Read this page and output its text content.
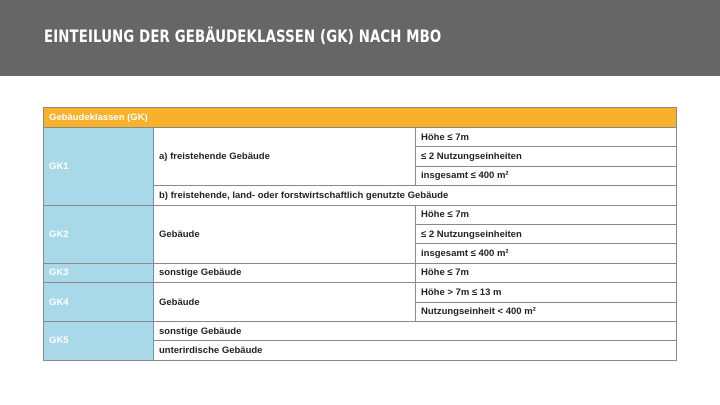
EINTEILUNG DER GEBÄUDEKLASSEN (GK) NACH MBO
Gebäudeklassen (GK)		
GK1	a) freistehende Gebäude	Höhe ≤ 7m
		≤ 2 Nutzungseinheiten
		insgesamt ≤ 400 m²
	b) freistehende, land- oder forstwirtschaftlich genutzte Gebäude	
GK2	Gebäude	Höhe ≤ 7m
		≤ 2 Nutzungseinheiten
		insgesamt ≤ 400 m²
GK3	sonstige Gebäude	Höhe ≤ 7m
GK4	Gebäude	Höhe > 7m ≤ 13 m
		Nutzungseinheit < 400 m²
GK5	sonstige Gebäude	
	unterirdische Gebäude	
